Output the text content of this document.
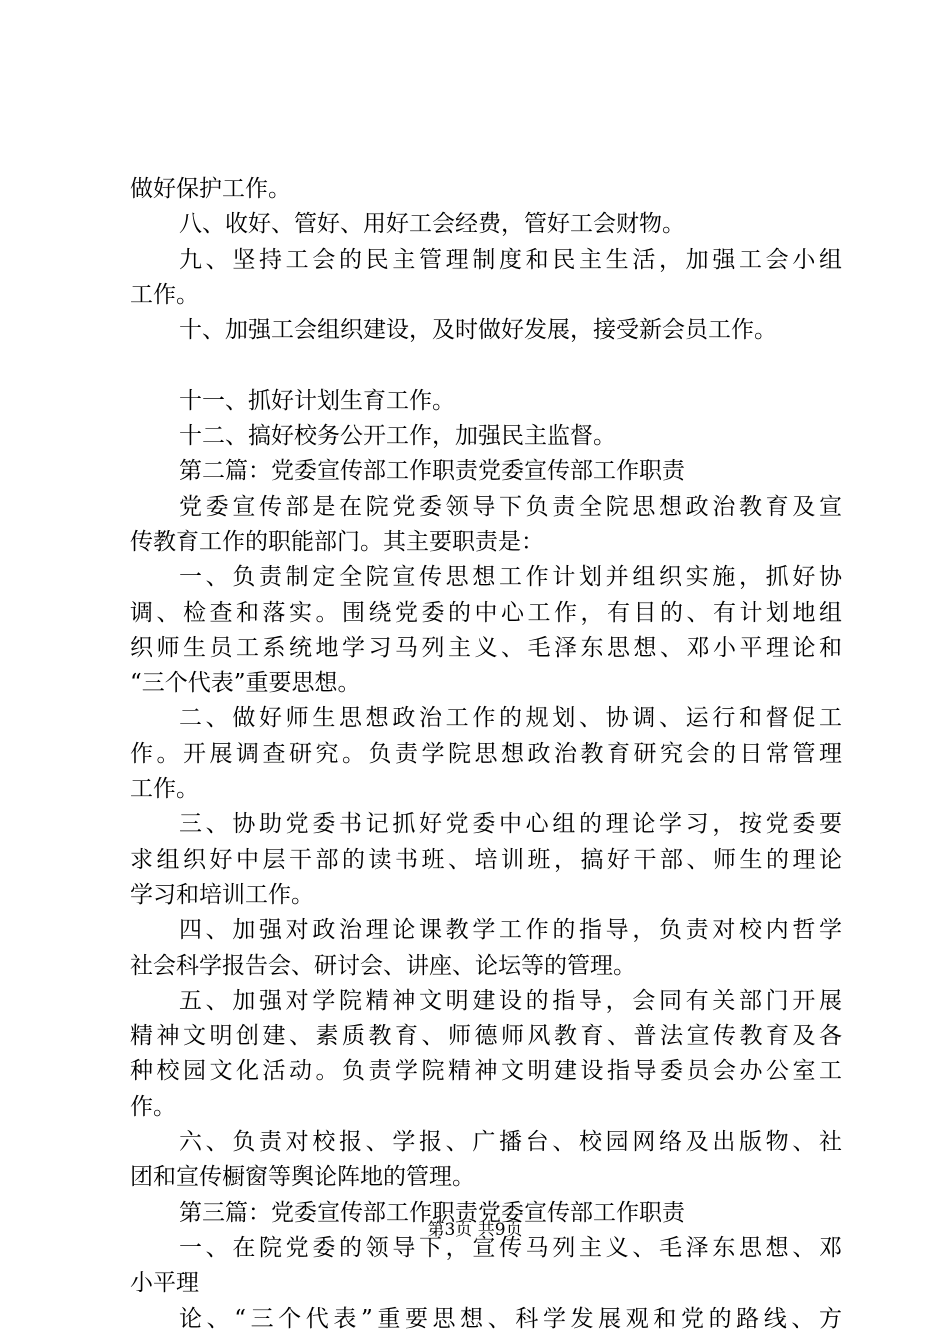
做好保护工作。
八、收好、管好、用好工会经费，管好工会财物。
九、坚持工会的民主管理制度和民主生活，加强工会小组
工作。
十、加强工会组织建设，及时做好发展，接受新会员工作。
十一、抓好计划生育工作。
十二、搞好校务公开工作，加强民主监督。
第二篇：党委宣传部工作职责党委宣传部工作职责
党委宣传部是在院党委领导下负责全院思想政治教育及宣
传教育工作的职能部门。其主要职责是：
一、负责制定全院宣传思想工作计划并组织实施，抓好协
调、检查和落实。围绕党委的中心工作，有目的、有计划地组
织师生员工系统地学习马列主义、毛泽东思想、邓小平理论和
“三个代表”重要思想。
二、做好师生思想政治工作的规划、协调、运行和督促工
作。开展调查研究。负责学院思想政治教育研究会的日常管理
工作。
三、协助党委书记抓好党委中心组的理论学习，按党委要
求组织好中层干部的读书班、培训班，搞好干部、师生的理论
学习和培训工作。
四、加强对政治理论课教学工作的指导，负责对校内哲学
社会科学报告会、研讨会、讲座、论坛等的管理。
五、加强对学院精神文明建设的指导，会同有关部门开展
精神文明创建、素质教育、师德师风教育、普法宣传教育及各
种校园文化活动。负责学院精神文明建设指导委员会办公室工
作。
六、负责对校报、学报、广播台、校园网络及出版物、社
团和宣传橱窗等舆论阵地的管理。
第三篇：党委宣传部工作职责党委宣传部工作职责
一、在院党委的领导下，宣传马列主义、毛泽东思想、邓
小平理
论、“三个代表”重要思想、科学发展观和党的路线、方
第3页 共9页
